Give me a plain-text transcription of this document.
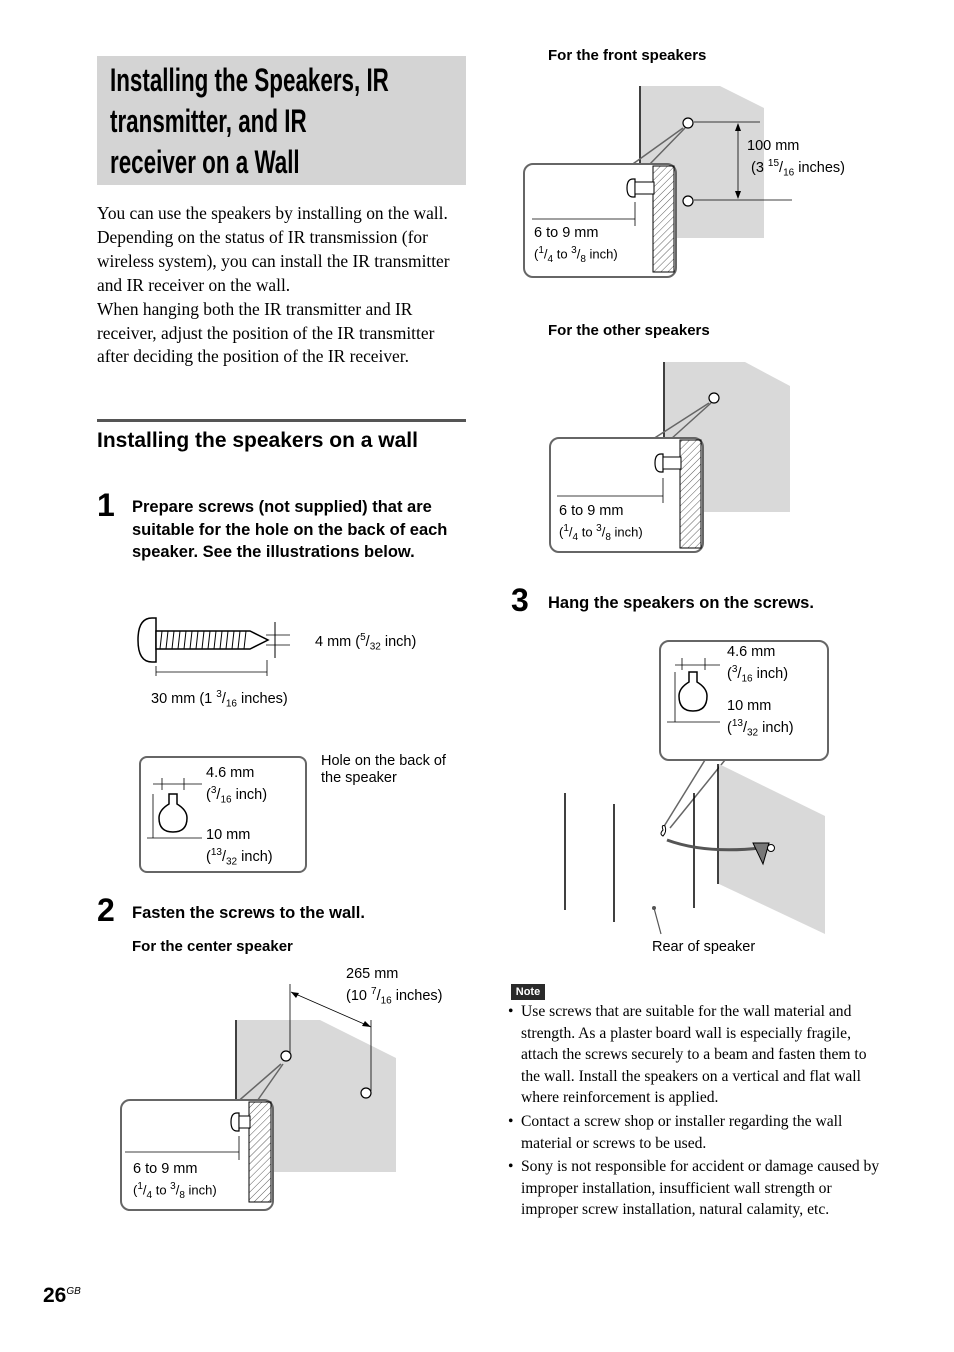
Installing the Speakers, IR
transmitter, and IR
receiver on a Wall

You can use the speakers by installing on the wall.

Depending on the status of IR transmission (for wireless system), you can install the IR transmitter and IR receiver on the wall.

When hanging both the IR transmitter and IR receiver, adjust the position of the IR transmitter after deciding the position of the IR receiver.

Installing the speakers on a wall
1 Prepare screws (not supplied) that are suitable for the hole on the back of each speaker. See the illustrations below.
4 mm ($^5/_{32}$ inch)
30 mm (1 $^3/_{16}$ inches)
4.6 mm
($^3/_{16}$ inch)
10 mm
($^{13}/_{32}$ inch)
Hole on the back of
the speaker
2 Fasten the screws to the wall.
For the center speaker
265 mm
(10 $^7/_{16}$ inches)
6 to 9 mm
($^1/_4$ to $^3/_8$ inch)
For the front speakers
100 mm
(3 $^{15}/_{16}$ inches)
6 to 9 mm
($^1/_4$ to $^3/_8$ inch)
For the other speakers
6 to 9 mm
($^1/_4$ to $^3/_8$ inch)
3 Hang the speakers on the screws.
4.6 mm
($^3/_{16}$ inch)
10 mm
($^{13}/_{32}$ inch)
Rear of speaker
Note
• Use screws that are suitable for the wall material and strength. As a plaster board wall is especially fragile, attach the screws securely to a beam and fasten them to the wall. Install the speakers on a vertical and flat wall where reinforcement is applied.
• Contact a screw shop or installer regarding the wall material or screws to be used.
• Sony is not responsible for accident or damage caused by improper installation, insufficient wall strength or improper screw installation, natural calamity, etc.
$26^{GB}$
